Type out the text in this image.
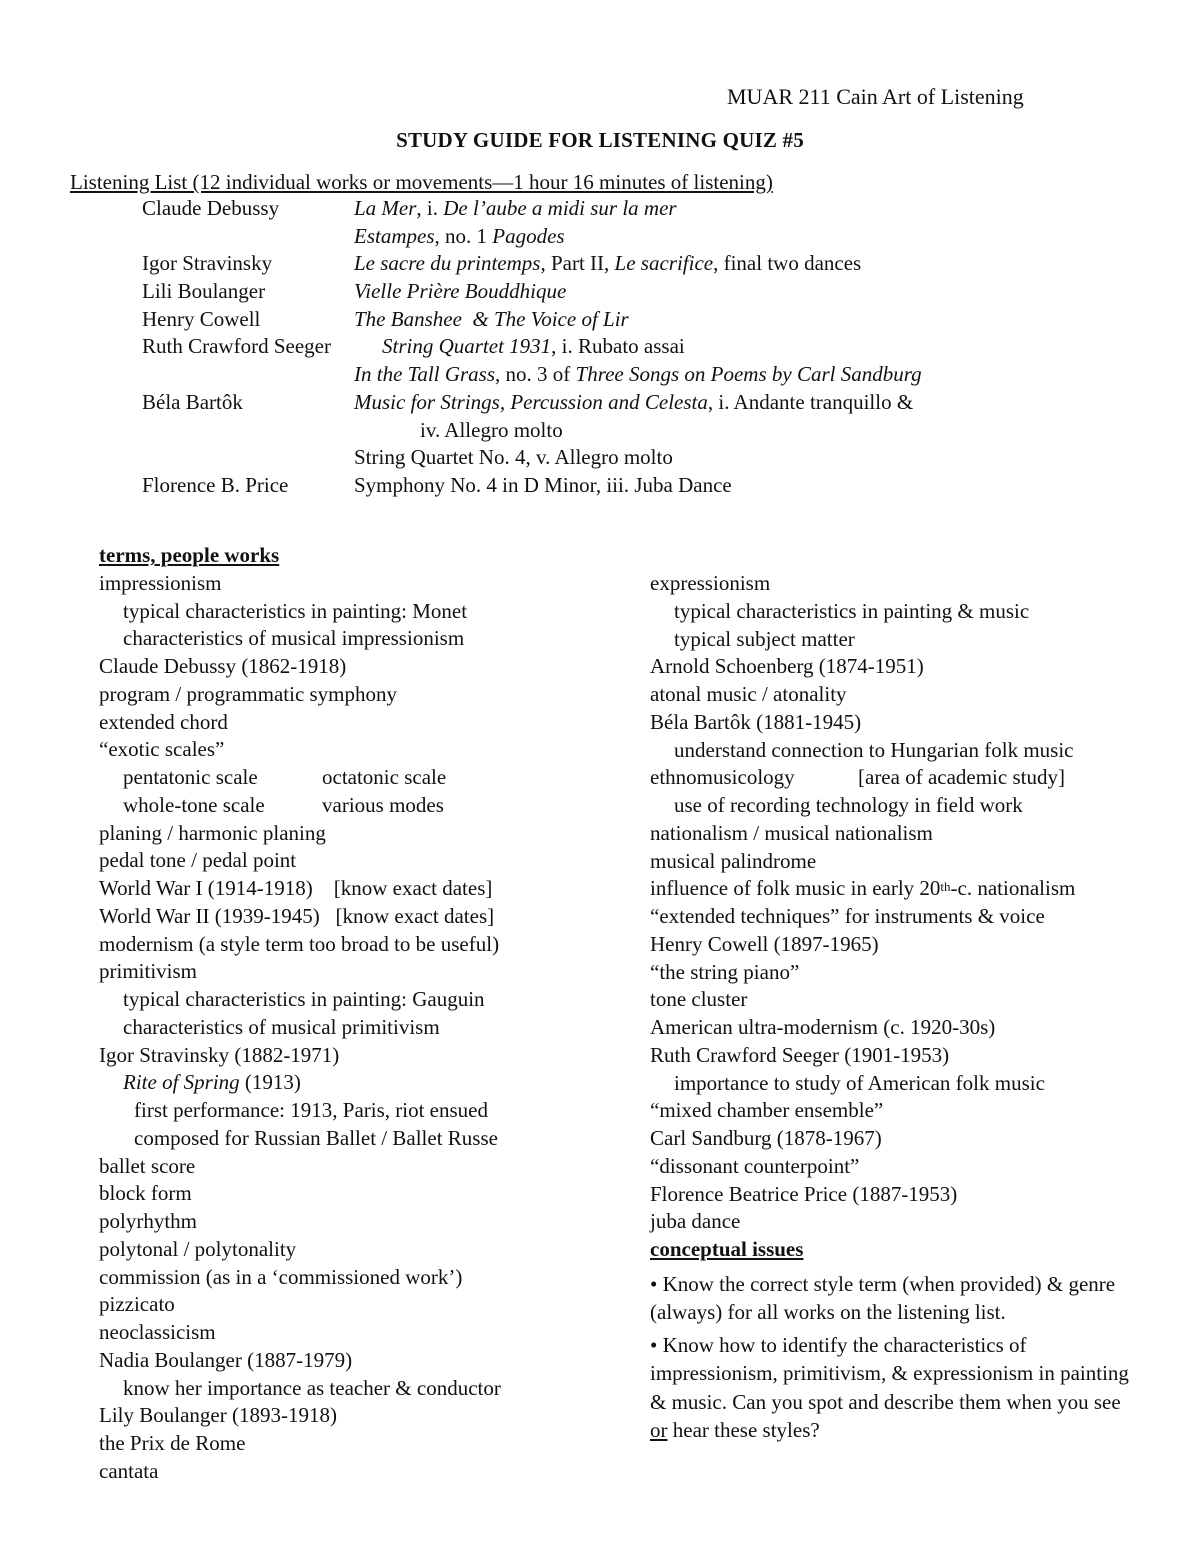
MUAR 211 Cain Art of Listening
STUDY GUIDE FOR LISTENING QUIZ #5
Listening List (12 individual works or movements—1 hour 16 minutes of listening)
Claude Debussy	La Mer, i. De l’aube a midi sur la mer
Estampes, no. 1 Pagodes
Igor Stravinsky	Le sacre du printemps, Part II, Le sacrifice, final two dances
Lili Boulanger	Vielle Prière Bouddhique
Henry Cowell	The Banshee  & The Voice of Lir
Ruth Crawford Seeger String Quartet 1931, i. Rubato assai
In the Tall Grass, no. 3 of Three Songs on Poems by Carl Sandburg
Béla Bartôk	Music for Strings, Percussion and Celesta, i. Andante tranquillo &
iv. Allegro molto
String Quartet No. 4, v. Allegro molto
Florence B. Price	Symphony No. 4 in D Minor, iii. Juba Dance
terms, people works
impressionism
typical characteristics in painting: Monet
characteristics of musical impressionism
Claude Debussy (1862-1918)
program / programmatic symphony
extended chord
“exotic scales”
pentatonic scale	octatonic scale
whole-tone scale	various modes
planing / harmonic planing
pedal tone / pedal point
World War I (1914-1918)    [know exact dates]
World War II (1939-1945)   [know exact dates]
modernism (a style term too broad to be useful)
primitivism
typical characteristics in painting: Gauguin
characteristics of musical primitivism
Igor Stravinsky (1882-1971)
Rite of Spring (1913)
first performance: 1913, Paris, riot ensued
composed for Russian Ballet / Ballet Russe
ballet score
block form
polyrhythm
polytonal / polytonality
commission (as in a ‘commissioned work’)
pizzicato
neoclassicism
Nadia Boulanger (1887-1979)
know her importance as teacher & conductor
Lily Boulanger (1893-1918)
the Prix de Rome
cantata
expressionism
typical characteristics in painting & music
typical subject matter
Arnold Schoenberg (1874-1951)
atonal music / atonality
Béla Bartôk (1881-1945)
understand connection to Hungarian folk music
ethnomusicology	[area of academic study]
use of recording technology in field work
nationalism / musical nationalism
musical palindrome
influence of folk music in early 20th-c. nationalism
“extended techniques” for instruments & voice
Henry Cowell (1897-1965)
“the string piano”
tone cluster
American ultra-modernism (c. 1920-30s)
Ruth Crawford Seeger (1901-1953)
importance to study of American folk music
“mixed chamber ensemble”
Carl Sandburg (1878-1967)
“dissonant counterpoint”
Florence Beatrice Price (1887-1953)
juba dance
conceptual issues
• Know the correct style term (when provided) & genre (always) for all works on the listening list.
• Know how to identify the characteristics of impressionism, primitivism, & expressionism in painting & music. Can you spot and describe them when you see or hear these styles?
